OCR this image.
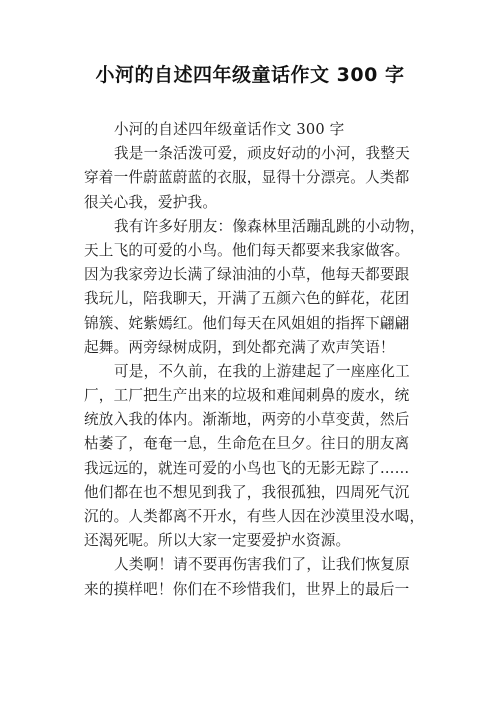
小河的自述四年级童话作文 300 字
小河的自述四年级童话作文 300 字
我是一条活泼可爱，顽皮好动的小河，我整天
穿着一件蔚蓝蔚蓝的衣服，显得十分漂亮。人类都
很关心我，爱护我。
我有许多好朋友：像森林里活蹦乱跳的小动物，
天上飞的可爱的小鸟。他们每天都要来我家做客。
因为我家旁边长满了绿油油的小草，他每天都要跟
我玩儿，陪我聊天，开满了五颜六色的鲜花，花团
锦簇、姹紫嫣红。他们每天在风姐姐的指挥下翩翩
起舞。两旁绿树成阴，到处都充满了欢声笑语！
可是，不久前，在我的上游建起了一座座化工
厂，工厂把生产出来的垃圾和难闻刺鼻的废水，统
统放入我的体内。渐渐地，两旁的小草变黄，然后
枯萎了，奄奄一息，生命危在旦夕。往日的朋友离
我远远的，就连可爱的小鸟也飞的无影无踪了……
他们都在也不想见到我了，我很孤独，四周死气沉
沉的。人类都离不开水，有些人因在沙漠里没水喝，
还渴死呢。所以大家一定要爱护水资源。
人类啊！请不要再伤害我们了，让我们恢复原
来的摸样吧！你们在不珍惜我们，世界上的最后一
